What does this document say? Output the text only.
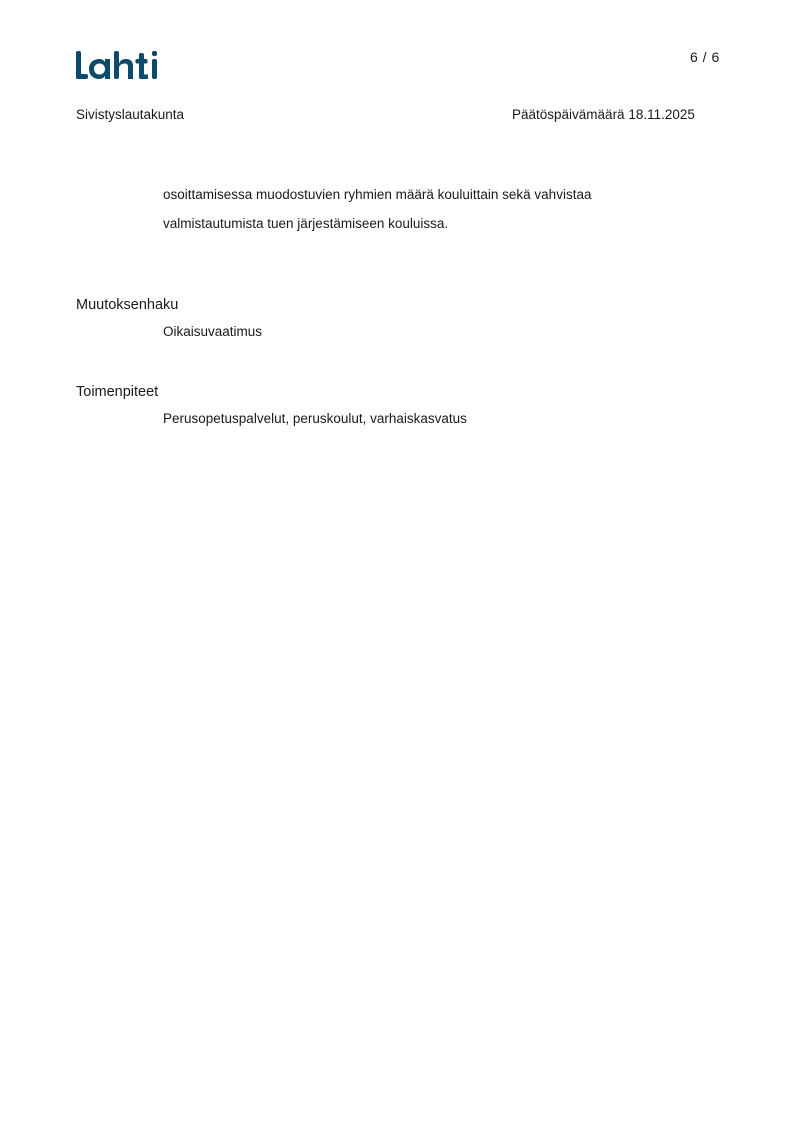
6 / 6
Sivistyslautakunta	Päätöspäivämäärä 18.11.2025

osoittamisessa muodostuvien ryhmien määrä kouluittain sekä vahvistaa

valmistautumista tuen järjestämiseen kouluissa.

Muutoksenhaku
Oikaisuvaatimus
Toimenpiteet
Perusopetuspalvelut, peruskoulut, varhaiskasvatus
